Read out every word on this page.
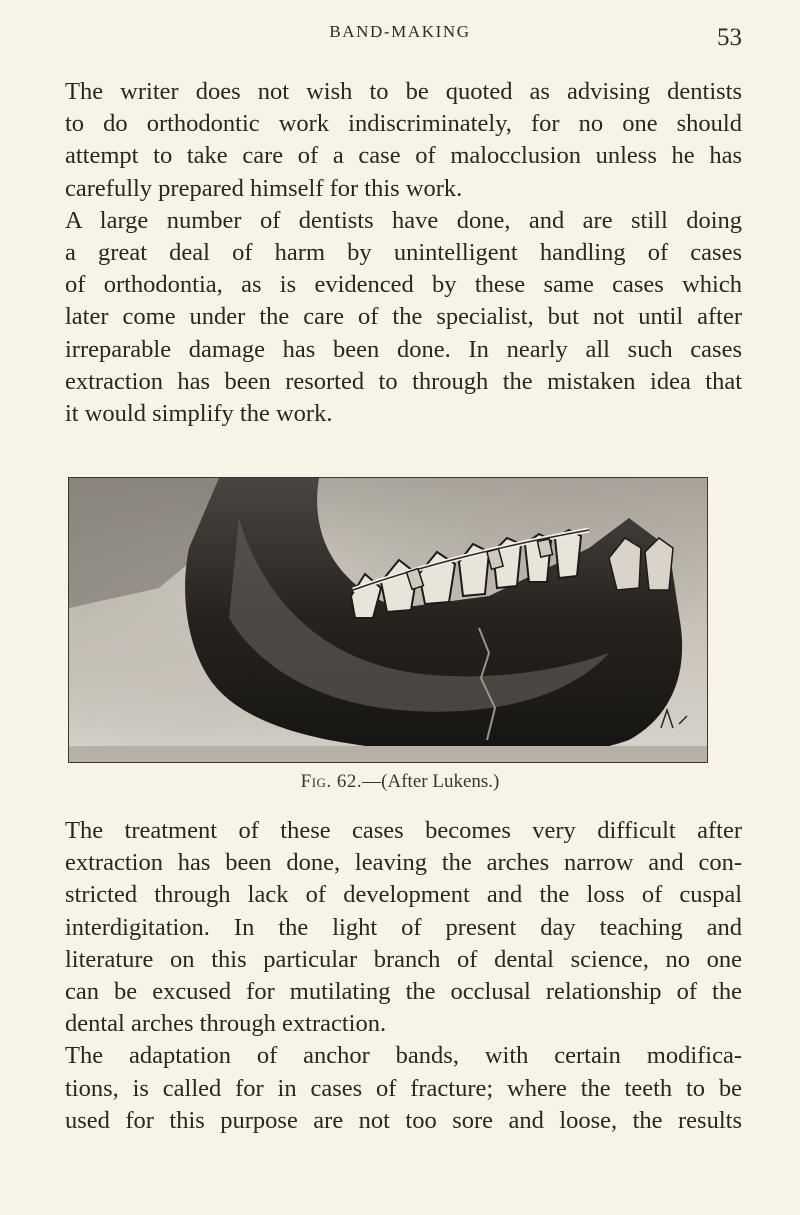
BAND-MAKING	53
The writer does not wish to be quoted as advising dentists
to do orthodontic work indiscriminately, for no one should
attempt to take care of a case of malocclusion unless he has
carefully prepared himself for this work.
A large number of dentists have done, and are still doing
a great deal of harm by unintelligent handling of cases
of orthodontia, as is evidenced by these same cases which
later come under the care of the specialist, but not until after
irreparable damage has been done. In nearly all such cases
extraction has been resorted to through the mistaken idea that
it would simplify the work.
Fig. 62.—(After Lukens.)
The treatment of these cases becomes very difficult after
extraction has been done, leaving the arches narrow and con-
stricted through lack of development and the loss of cuspal
interdigitation. In the light of present day teaching and
literature on this particular branch of dental science, no one
can be excused for mutilating the occlusal relationship of the
dental arches through extraction.
The adaptation of anchor bands, with certain modifica-
tions, is called for in cases of fracture; where the teeth to be
used for this purpose are not too sore and loose, the results
